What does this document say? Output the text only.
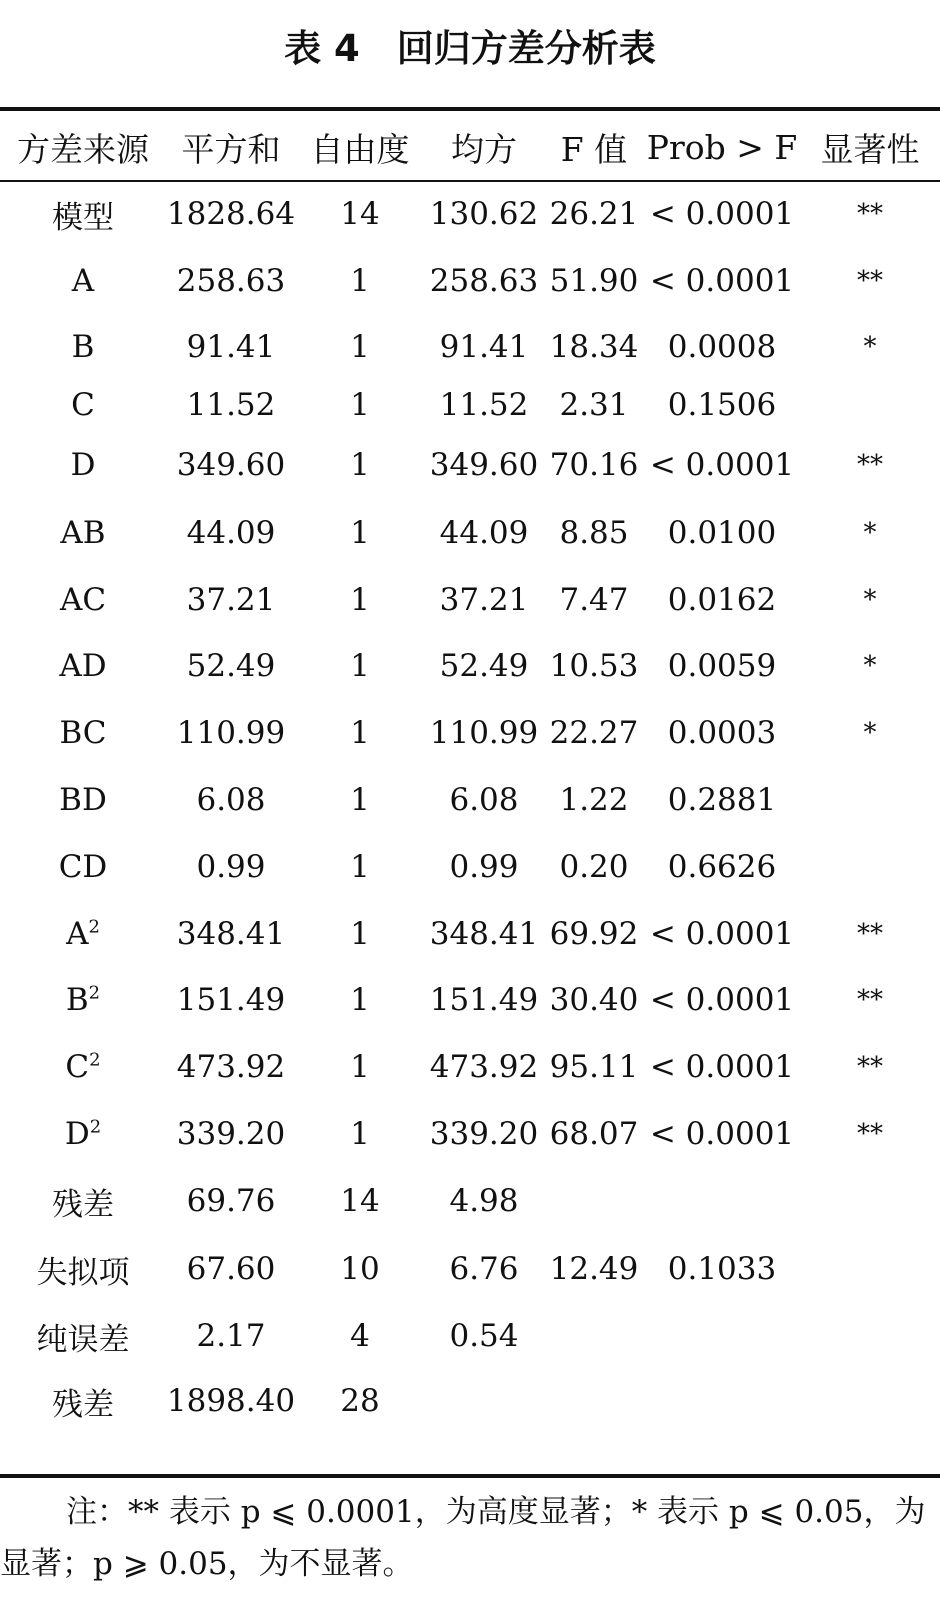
表 4　回归方差分析表
方差来源	平方和	自由度	均方	F 值	Prob > F	显著性
模型	1828.64	14	130.62	26.21	< 0.0001	**
A	258.63	1	258.63	51.90	< 0.0001	**
B	91.41	1	91.41	18.34	0.0008	*
C	11.52	1	11.52	2.31	0.1506	
D	349.60	1	349.60	70.16	< 0.0001	**
AB	44.09	1	44.09	8.85	0.0100	*
AC	37.21	1	37.21	7.47	0.0162	*
AD	52.49	1	52.49	10.53	0.0059	*
BC	110.99	1	110.99	22.27	0.0003	*
BD	6.08	1	6.08	1.22	0.2881	
CD	0.99	1	0.99	0.20	0.6626	
$A^2$	348.41	1	348.41	69.92	< 0.0001	**
$B^2$	151.49	1	151.49	30.40	< 0.0001	**
$C^2$	473.92	1	473.92	95.11	< 0.0001	**
$D^2$	339.20	1	339.20	68.07	< 0.0001	**
残差	69.76	14	4.98			
失拟项	67.60	10	6.76	12.49	0.1033	
纯误差	2.17	4	0.54			
残差	1898.40	28				
注：** 表示 p ⩽ 0.0001，为高度显著；* 表示 p ⩽ 0.05，为
显著；p ⩾ 0.05，为不显著。
